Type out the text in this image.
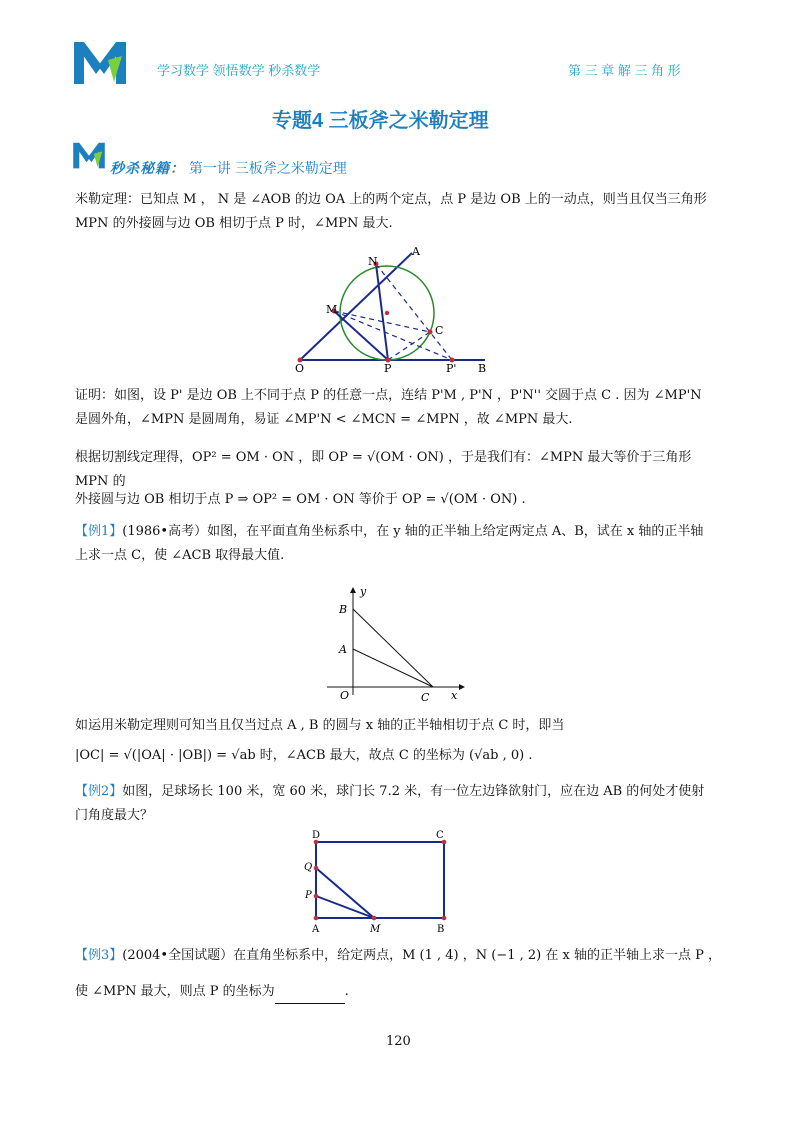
学习数学 领悟数学 秒杀数学	第 三 章 解 三 角 形
专题4 三板斧之米勒定理
秒杀秘籍： 第一讲 三板斧之米勒定理
米勒定理：已知点 M ， N 是 ∠AOB 的边 OA 上的两个定点，点 P 是边 OB 上的一动点，则当且仅当三角形
MPN 的外接圆与边 OB 相切于点 P 时，∠MPN 最大.
N
A
M
C
O	P	P' B
证明：如图，设 P' 是边 OB 上不同于点 P 的任意一点，连结 P'M , P'N ，P'N'' 交圆于点 C . 因为 ∠MP'N
是圆外角，∠MPN 是圆周角，易证 ∠MP'N < ∠MCN = ∠MPN ，故 ∠MPN 最大.
根据切割线定理得，OP² = OM · ON ，即 OP = √(OM · ON) ，于是我们有：∠MPN 最大等价于三角形 MPN 的
外接圆与边 OB 相切于点 P ⇒ OP² = OM · ON 等价于 OP = √(OM · ON) .
【例1】(1986•高考）如图，在平面直角坐标系中，在 y 轴的正半轴上给定两定点 A、B，试在 x 轴的正半轴
上求一点 C，使 ∠ACB 取得最大值.
y
B
A
O	C x
如运用米勒定理则可知当且仅当过点 A , B 的圆与 x 轴的正半轴相切于点 C 时，即当
|OC| = √(|OA| · |OB|) = √ab 时，∠ACB 最大，故点 C 的坐标为 (√ab , 0) .
【例2】如图，足球场长 100 米，宽 60 米，球门长 7.2 米，有一位左边锋欲射门，应在边 AB 的何处才使射
门角度最大？
D	C
Q
P
A	M	B
【例3】(2004•全国试题）在直角坐标系中，给定两点，M (1 , 4) ，N (−1 , 2) 在 x 轴的正半轴上求一点 P ，
使 ∠MPN 最大，则点 P 的坐标为	.
120
